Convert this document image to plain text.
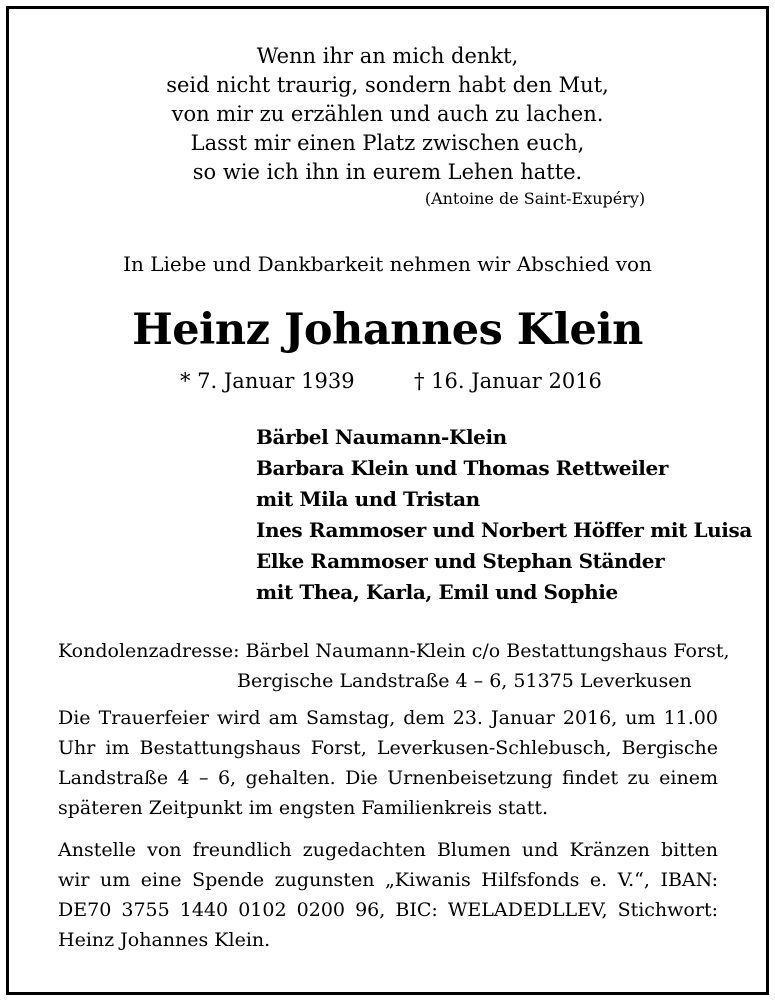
Wenn ihr an mich denkt,
seid nicht traurig, sondern habt den Mut,
von mir zu erzählen und auch zu lachen.
Lasst mir einen Platz zwischen euch,
so wie ich ihn in eurem Lehen hatte.
(Antoine de Saint-Exupéry)
In Liebe und Dankbarkeit nehmen wir Abschied von
Heinz Johannes Klein
* 7. Januar 1939	† 16. Januar 2016
Bärbel Naumann-Klein
Barbara Klein und Thomas Rettweiler
mit Mila und Tristan
Ines Rammoser und Norbert Höffer mit Luisa
Elke Rammoser und Stephan Ständer
mit Thea, Karla, Emil und Sophie
Kondolenzadresse: Bärbel Naumann-Klein c/o Bestattungshaus Forst,
Bergische Landstraße 4 – 6, 51375 Leverkusen

Die Trauerfeier wird am Samstag, dem 23. Januar 2016, um 11.00 Uhr im Bestattungshaus Forst, Leverkusen-Schlebusch, Bergische Landstraße 4 – 6, gehalten. Die Urnenbeisetzung findet zu einem späteren Zeitpunkt im engsten Familienkreis statt.

Anstelle von freundlich zugedachten Blumen und Kränzen bitten wir um eine Spende zugunsten „Kiwanis Hilfsfonds e. V.“, IBAN: DE70 3755 1440 0102 0200 96, BIC: WELADEDLLEV, Stichwort: Heinz Johannes Klein.
